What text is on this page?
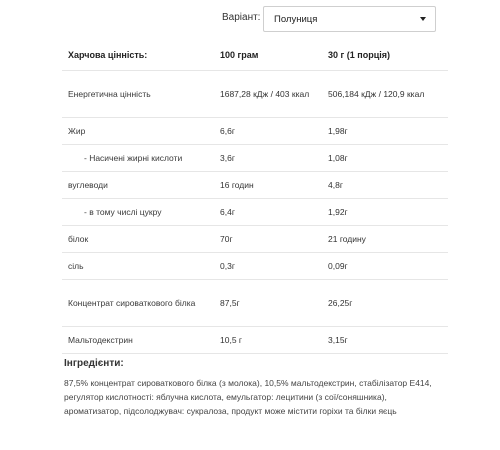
Варіант: Полуниця
Харчова цінність:	100 грам	30 г (1 порція)
Енергетична цінність	1687,28 кДж / 403 ккал	506,184 кДж / 120,9 ккал
Жир	6,6г	1,98г
- Насичені жирні кислоти	3,6г	1,08г
вуглеводи	16 годин	4,8г
- в тому числі цукру	6,4г	1,92г
білок	70г	21 годину
сіль	0,3г	0,09г
Концентрат сироваткового білка	87,5г	26,25г
Мальтодекстрин	10,5 г	3,15г
Інгредієнти:
87,5% концентрат сироваткового білка (з молока), 10,5% мальтодекстрин, стабілізатор E414, регулятор кислотності: яблучна кислота, емульгатор: лецитини (з сої/соняшника), ароматизатор, підсолоджувач: сукралоза, продукт може містити горіхи та білки яєць
